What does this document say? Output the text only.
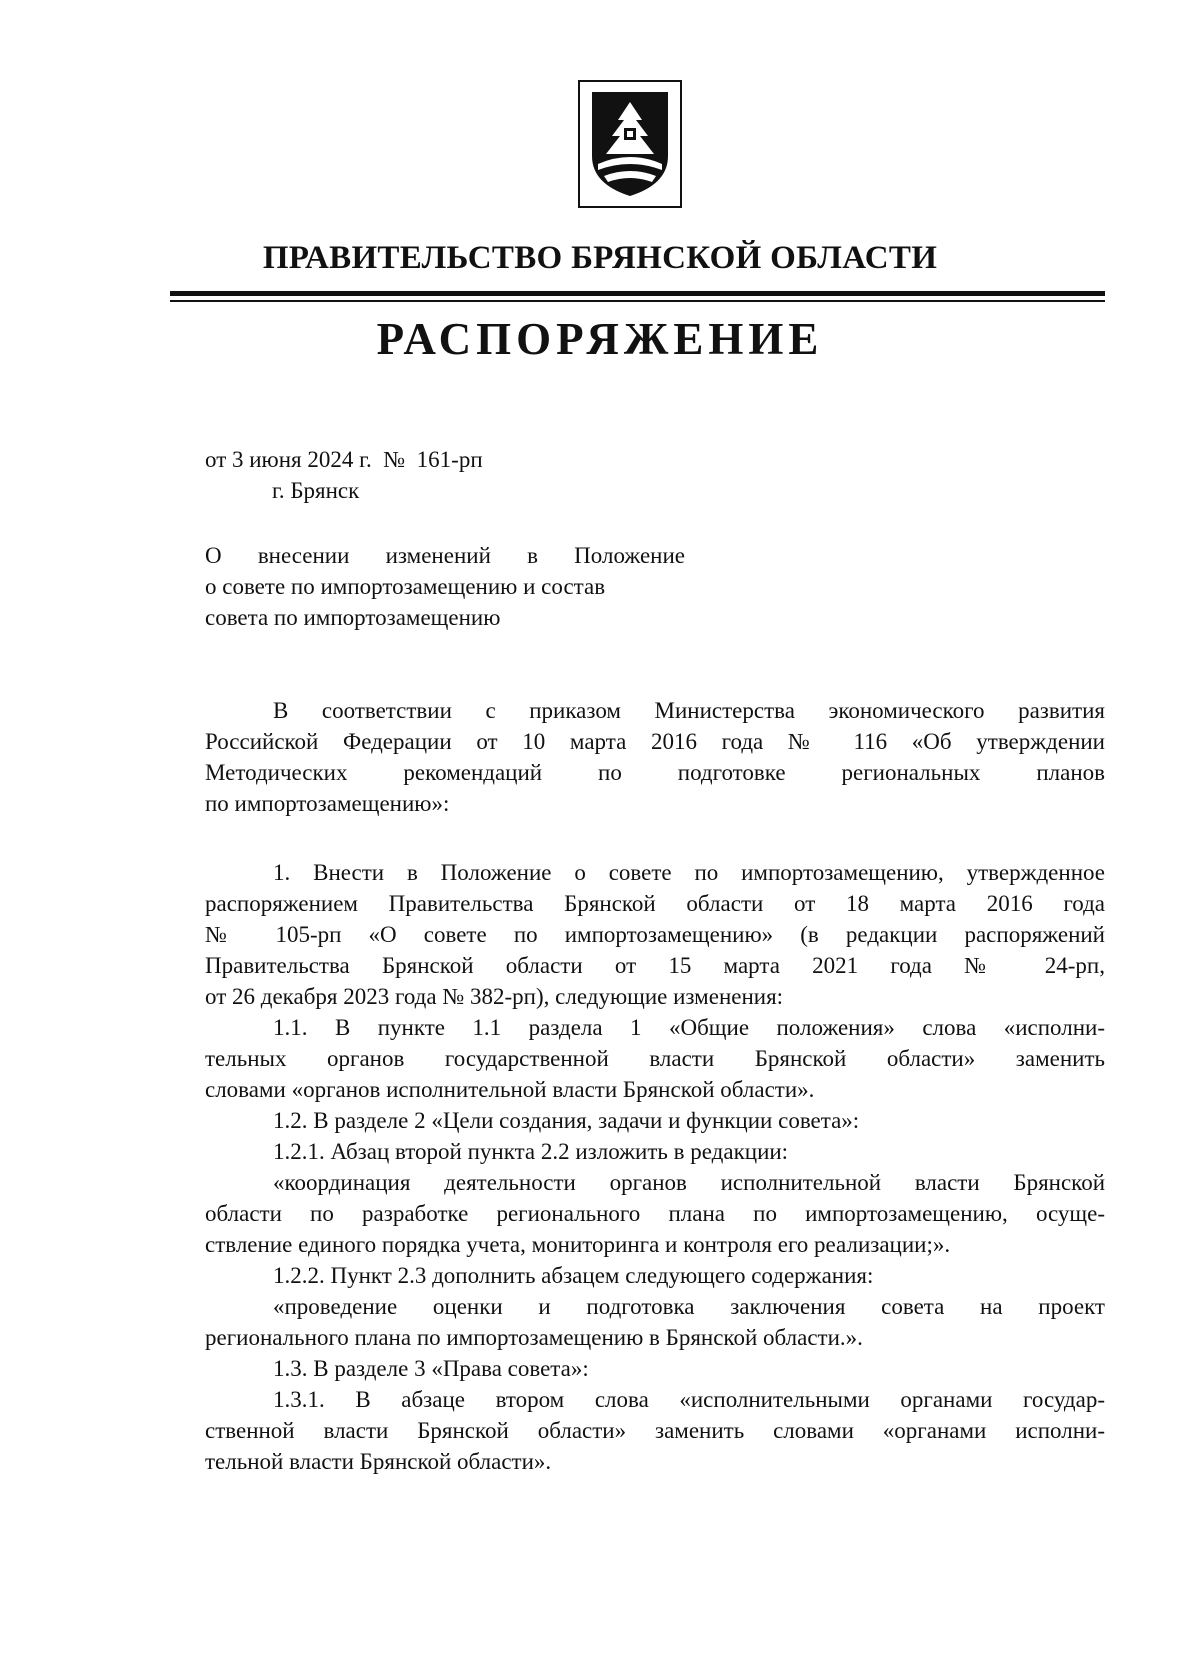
ПРАВИТЕЛЬСТВО БРЯНСКОЙ ОБЛАСТИ
РАСПОРЯЖЕНИЕ
от 3 июня 2024 г. № 161-рп
г. Брянск
О внесении изменений в Положение
о совете по импортозамещению и состав
совета по импортозамещению

В соответствии с приказом Министерства экономического развития
Российской Федерации от 10 марта 2016 года № 116 «Об утверждении
Методических рекомендаций по подготовке региональных планов
по импортозамещению»:

1. Внести в Положение о совете по импортозамещению, утвержденное
распоряжением Правительства Брянской области от 18 марта 2016 года
№ 105-рп «О совете по импортозамещению» (в редакции распоряжений
Правительства Брянской области от 15 марта 2021 года № 24-рп,
от 26 декабря 2023 года № 382-рп), следующие изменения:

1.1. В пункте 1.1 раздела 1 «Общие положения» слова «исполни-
тельных органов государственной власти Брянской области» заменить
словами «органов исполнительной власти Брянской области».

1.2. В разделе 2 «Цели создания, задачи и функции совета»:

1.2.1. Абзац второй пункта 2.2 изложить в редакции:

«координация деятельности органов исполнительной власти Брянской
области по разработке регионального плана по импортозамещению, осуще-
ствление единого порядка учета, мониторинга и контроля его реализации;».

1.2.2. Пункт 2.3 дополнить абзацем следующего содержания:

«проведение оценки и подготовка заключения совета на проект
регионального плана по импортозамещению в Брянской области.».

1.3. В разделе 3 «Права совета»:

1.3.1. В абзаце втором слова «исполнительными органами государ-
ственной власти Брянской области» заменить словами «органами исполни-
тельной власти Брянской области».
